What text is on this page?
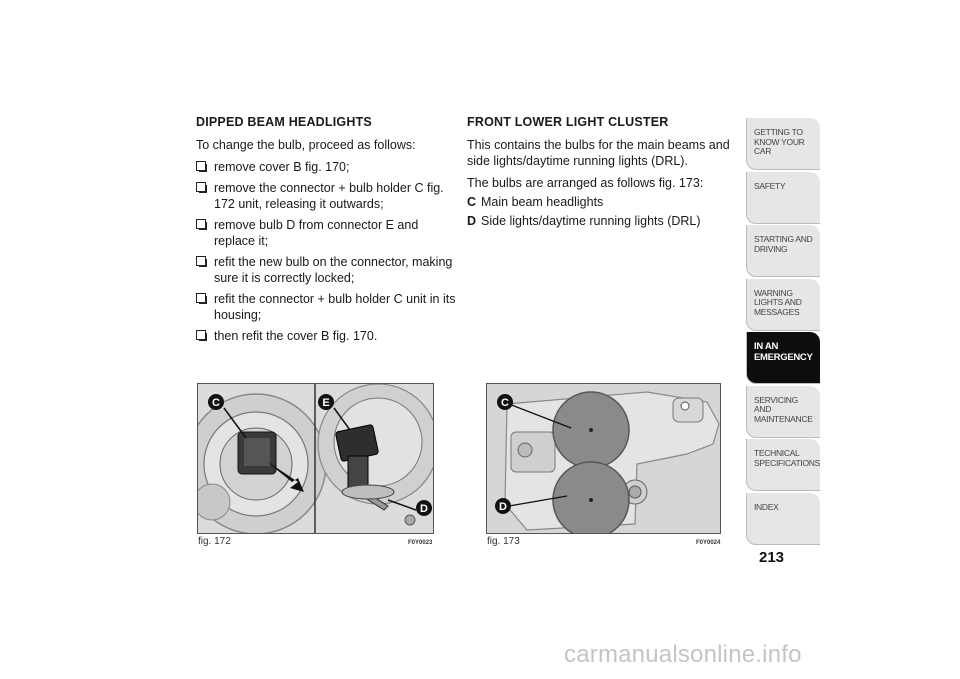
DIPPED BEAM HEADLIGHTS
To change the bulb, proceed as follows:
remove cover B fig. 170;
remove the connector + bulb holder C fig. 172 unit, releasing it outwards;
remove bulb D from connector E and replace it;
refit the new bulb on the connector, making sure it is correctly locked;
refit the connector + bulb holder C unit in its housing;
then refit the cover B fig. 170.
FRONT LOWER LIGHT CLUSTER
This contains the bulbs for the main beams and side lights/daytime running lights (DRL).
The bulbs are arranged as follows fig. 173:
C Main beam headlights
D Side lights/daytime running lights (DRL)
C	E
D
fig. 172	F0Y0023
C
D
fig. 173	F0Y0024
GETTING TO KNOW YOUR CAR
SAFETY
STARTING AND DRIVING
WARNING LIGHTS AND MESSAGES
IN AN EMERGENCY
SERVICING AND MAINTENANCE
TECHNICAL SPECIFICATIONS
INDEX
213
carmanualsonline.info
